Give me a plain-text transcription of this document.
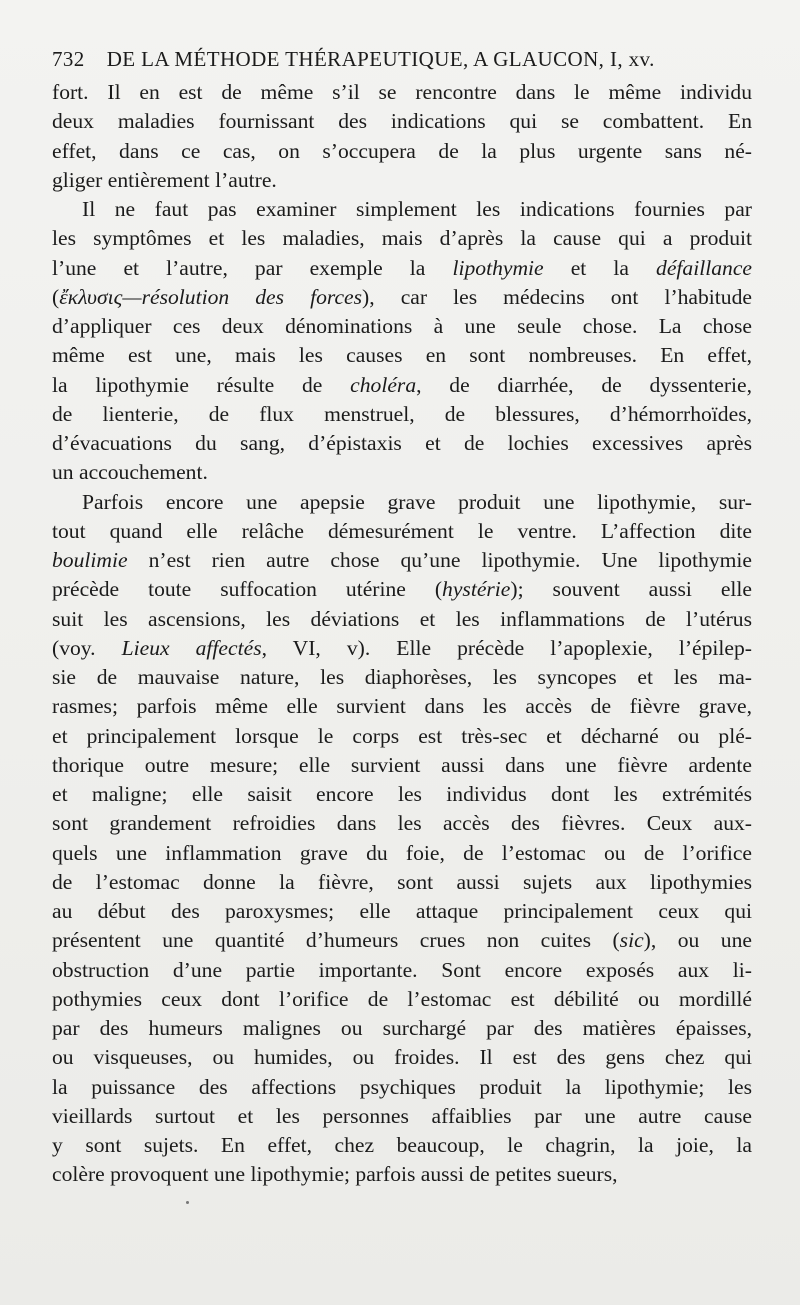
732 DE LA MÉTHODE THÉRAPEUTIQUE, A GLAUCON, I, xv.
fort. Il en est de même s’il se rencontre dans le même individu
deux maladies fournissant des indications qui se combattent. En
effet, dans ce cas, on s’occupera de la plus urgente sans né-
gliger entièrement l’autre.
Il ne faut pas examiner simplement les indications fournies par
les symptômes et les maladies, mais d’après la cause qui a produit
l’une et l’autre, par exemple la lipothymie et la défaillance
(ἔκλυσις—résolution des forces), car les médecins ont l’habitude
d’appliquer ces deux dénominations à une seule chose. La chose
même est une, mais les causes en sont nombreuses. En effet,
la lipothymie résulte de choléra, de diarrhée, de dyssenterie,
de lienterie, de flux menstruel, de blessures, d’hémorrhoïdes,
d’évacuations du sang, d’épistaxis et de lochies excessives après
un accouchement.
Parfois encore une apepsie grave produit une lipothymie, sur-
tout quand elle relâche démesurément le ventre. L’affection dite
boulimie n’est rien autre chose qu’une lipothymie. Une lipothymie
précède toute suffocation utérine (hystérie); souvent aussi elle
suit les ascensions, les déviations et les inflammations de l’utérus
(voy. Lieux affectés, VI, v). Elle précède l’apoplexie, l’épilep-
sie de mauvaise nature, les diaphorèses, les syncopes et les ma-
rasmes; parfois même elle survient dans les accès de fièvre grave,
et principalement lorsque le corps est très-sec et décharné ou plé-
thorique outre mesure; elle survient aussi dans une fièvre ardente
et maligne; elle saisit encore les individus dont les extrémités
sont grandement refroidies dans les accès des fièvres. Ceux aux-
quels une inflammation grave du foie, de l’estomac ou de l’orifice
de l’estomac donne la fièvre, sont aussi sujets aux lipothymies
au début des paroxysmes; elle attaque principalement ceux qui
présentent une quantité d’humeurs crues non cuites (sic), ou une
obstruction d’une partie importante. Sont encore exposés aux li-
pothymies ceux dont l’orifice de l’estomac est débilité ou mordillé
par des humeurs malignes ou surchargé par des matières épaisses,
ou visqueuses, ou humides, ou froides. Il est des gens chez qui
la puissance des affections psychiques produit la lipothymie; les
vieillards surtout et les personnes affaiblies par une autre cause
y sont sujets. En effet, chez beaucoup, le chagrin, la joie, la
colère provoquent une lipothymie; parfois aussi de petites sueurs,
